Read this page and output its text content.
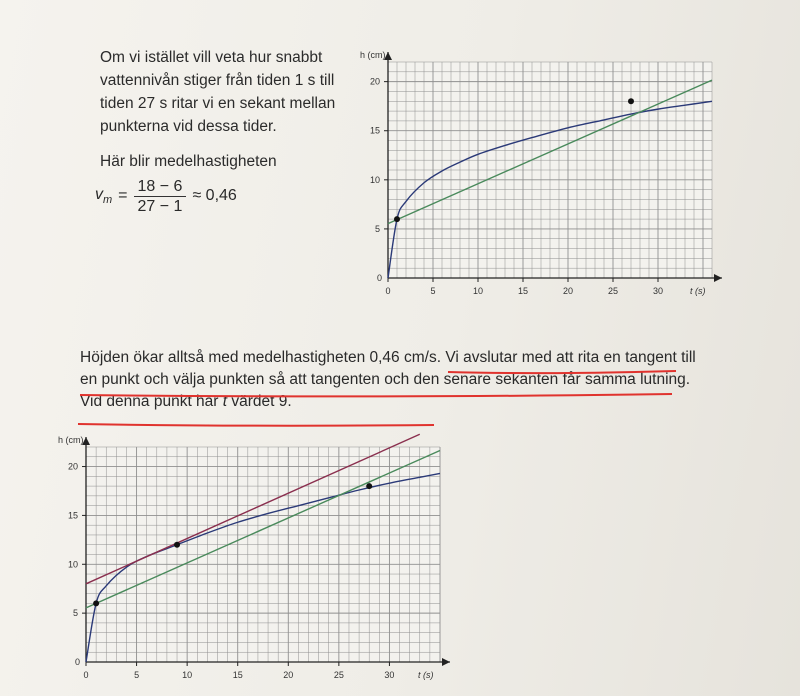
Om vi istället vill veta hur snabbt vattennivån stiger från tiden 1 s till tiden 27 s ritar vi en sekant mellan punkterna vid dessa tider.
Här blir medelhastigheten
$v_m = \frac{18 - 6}{27 - 1} \approx 0,46$
Höjden ökar alltså med medelhastigheten 0,46 cm/s. Vi avslutar med att rita en tangent till en punkt och välja punkten så att tangenten och den senare sekanten får samma lutning.
Vid denna punkt har t värdet 9.
0	5	10	15	20	25	30
5
10
15
20
0
t (s)
h (cm)
0	5	10	15	20	25	30
5
10
15
20
0
t (s)
h (cm)
